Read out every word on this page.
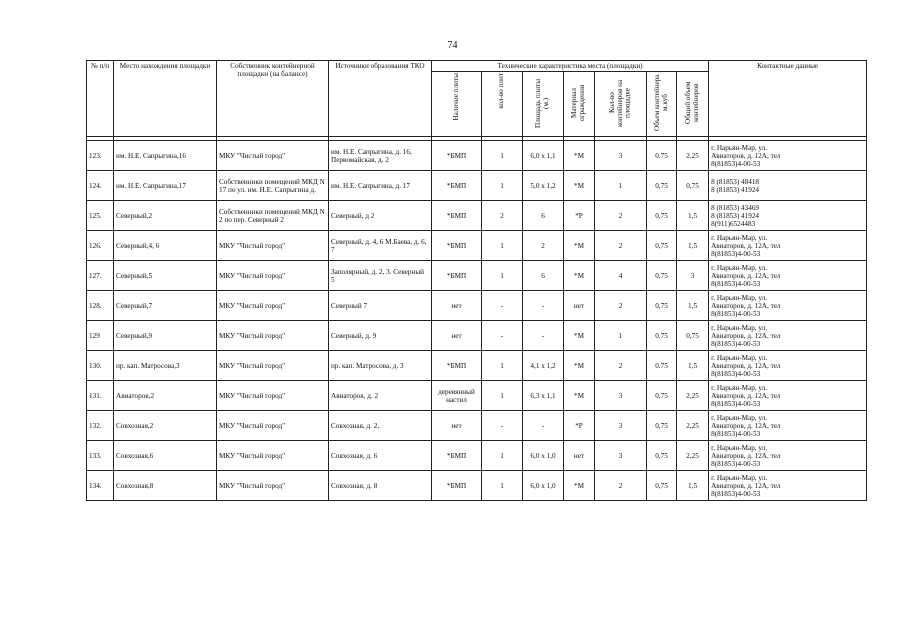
74
№ п/п	Место нахождения площадки	Собственник контейнерной площадки (на балансе)	Источники образования ТКО	Технические характеристика места (площадки)							Контактные данные
				Наличие плиты	кол-во плит	Площадь плиты (м.)	Материал ограждения	Кол-во контейнеров на площадке	Объем контейнера м.куб	Общий объем контейнеров	

123.	им. Н.Е. Сапрыгина,16	МКУ "Чистый город"	им. Н.Е. Сапрыгина, д. 16, Первомайская, д. 2	*БМП	1	6,0 х 1,1	*М	3	0.75	2.25	г. Нарьян-Мар, ул.
Авиаторов, д. 12А, тел
8(81853)4-00-53
124.	им. Н.Е. Сапрыгина,17	Собственники помещений МКД N 17 по ул. им. Н.Е. Сапрыгина д.	им. Н.Е. Сапрыгина, д. 17	*БМП	1	5,0 х 1,2	*М	1	0,75	0,75	8 (81853) 48418
8 (81853) 41924
125.	Северный,2	Собственники помещений МКД N 2 по пер. Северный 2	Северный, д 2	*БМП	2	6	*Р	2	0,75	1,5	8 (81853) 43469
8 (81853) 41924
8(911)6524483
126.	Северный,4, 6	МКУ "Чистый город"	Северный, д. 4, 6 М.Баева, д. 6, 7	*БМП	1	2	*М	2	0,75	1,5	г. Нарьян-Мар, ул.
Авиаторов, д. 12А, тел
8(81853)4-00-53
127.	Северный,5	МКУ "Чистый город"	Заполярный, д. 2, 3. Северный 5	*БМП	1	6	*М	4	0,75	3	г. Нарьян-Мар, ул.
Авиаторов, д. 12А, тел
8(81853)4-00-53
128.	Северный,7	МКУ "Чистый город"	Северный 7	нет	-	-	нет	2	0,75	1,5	г. Нарьян-Мар, ул.
Авиаторов, д. 12А, тел
8(81853)4-00-53
129	Северный,9	МКУ "Чистый город"	Северный, д. 9	нет	-	-	*М	1	0.75	0,75	г. Нарьян-Мар, ул.
Авиаторов, д. 12А, тел
8(81853)4-00-53
130.	пр. кап. Матросова,3	МКУ "Чистый город"	пр. кап. Матросова, д. 3	*БМП	1	4,1 х 1,2	*М	2	0.75	1,5	г. Нарьян-Мар, ул.
Авиаторов, д. 12А, тел
8(81853)4-00-53
131.	Авиаторов,2	МКУ "Чистый город"	Авиаторов, д. 2	деревянный настил	1	6,3 х 1,1	*М	3	0,75	2,25	г. Нарьян-Мар, ул.
Авиаторов, д. 12А, тел
8(81853)4-00-53
132.	Совхозная,2	МКУ "Чистый город"	Совхозная, д. 2,	нет	-	-	*Р	3	0,75	2,25	г. Нарьян-Мар, ул.
Авиаторов, д. 12А, тел
8(81853)4-00-53
133.	Совхозная,6	МКУ "Чистый город"	Совхозная, д. 6	*БМП	1	6,0 х 1,0	нет	3	0,75	2,25	г. Нарьян-Мар, ул.
Авиаторов, д. 12А, тел
8(81853)4-00-53
134.	Совхозная,8	МКУ "Чистый город"	Совхозная, д. 8	*БМП	1	6,0 х 1,0	*М	2	0,75	1,5	г. Нарьян-Мар, ул.
Авиаторов, д. 12А, тел
8(81853)4-00-53
